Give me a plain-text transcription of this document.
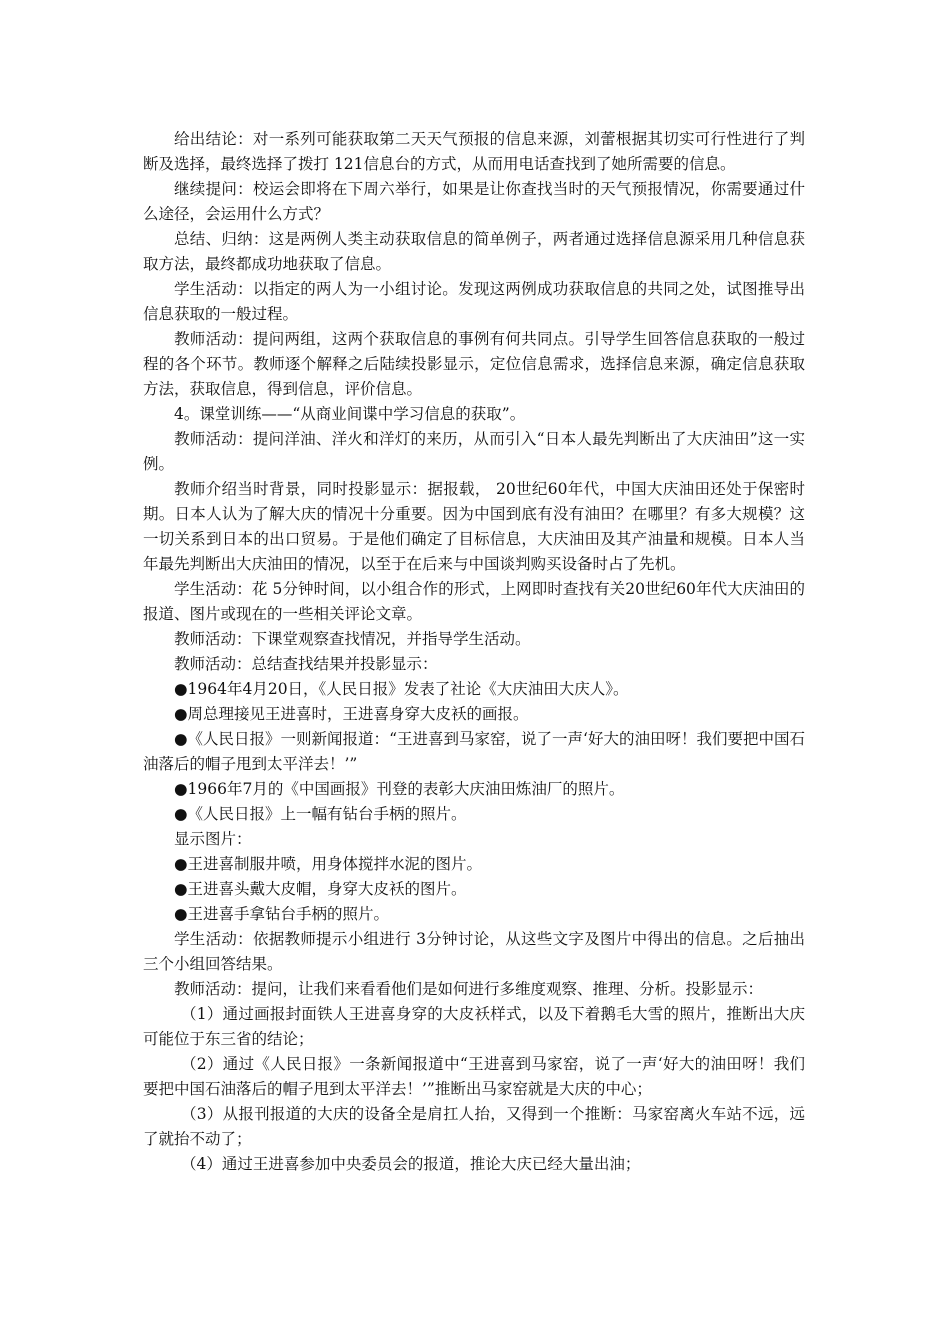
给出结论：对一系列可能获取第二天天气预报的信息来源，刘蕾根据其切实可行性进行了判断及选择，最终选择了拨打 121信息台的方式，从而用电话查找到了她所需要的信息。

继续提问：校运会即将在下周六举行，如果是让你查找当时的天气预报情况，你需要通过什么途径，会运用什么方式？

总结、归纳：这是两例人类主动获取信息的简单例子，两者通过选择信息源采用几种信息获取方法，最终都成功地获取了信息。

学生活动：以指定的两人为一小组讨论。发现这两例成功获取信息的共同之处，试图推导出信息获取的一般过程。

教师活动：提问两组，这两个获取信息的事例有何共同点。引导学生回答信息获取的一般过程的各个环节。教师逐个解释之后陆续投影显示，定位信息需求，选择信息来源，确定信息获取方法，获取信息，得到信息，评价信息。

4。课堂训练——“从商业间谍中学习信息的获取”。

教师活动：提问洋油、洋火和洋灯的来历，从而引入“日本人最先判断出了大庆油田”这一实例。

教师介绍当时背景，同时投影显示：据报载， 20世纪60年代，中国大庆油田还处于保密时期。日本人认为了解大庆的情况十分重要。因为中国到底有没有油田？在哪里？有多大规模？这一切关系到日本的出口贸易。于是他们确定了目标信息，大庆油田及其产油量和规模。日本人当年最先判断出大庆油田的情况，以至于在后来与中国谈判购买设备时占了先机。

学生活动：花 5分钟时间，以小组合作的形式，上网即时查找有关20世纪60年代大庆油田的报道、图片或现在的一些相关评论文章。

教师活动：下课堂观察查找情况，并指导学生活动。

教师活动：总结查找结果并投影显示：

●1964年4月20日，《人民日报》发表了社论《大庆油田大庆人》。

●周总理接见王进喜时，王进喜身穿大皮袄的画报。

●《人民日报》一则新闻报道：“王进喜到马家窑，说了一声‘好大的油田呀！我们要把中国石油落后的帽子甩到太平洋去！’”

●1966年7月的《中国画报》刊登的表彰大庆油田炼油厂的照片。

●《人民日报》上一幅有钻台手柄的照片。

显示图片：

●王进喜制服井喷，用身体搅拌水泥的图片。

●王进喜头戴大皮帽，身穿大皮袄的图片。

●王进喜手拿钻台手柄的照片。

学生活动：依据教师提示小组进行 3分钟讨论，从这些文字及图片中得出的信息。之后抽出三个小组回答结果。

教师活动：提问，让我们来看看他们是如何进行多维度观察、推理、分析。投影显示：

（1）通过画报封面铁人王进喜身穿的大皮袄样式，以及下着鹅毛大雪的照片，推断出大庆可能位于东三省的结论；

（2）通过《人民日报》一条新闻报道中“王进喜到马家窑，说了一声‘好大的油田呀！我们要把中国石油落后的帽子甩到太平洋去！’”推断出马家窑就是大庆的中心；

（3）从报刊报道的大庆的设备全是肩扛人抬，又得到一个推断：马家窑离火车站不远，远了就抬不动了；

（4）通过王进喜参加中央委员会的报道，推论大庆已经大量出油；
